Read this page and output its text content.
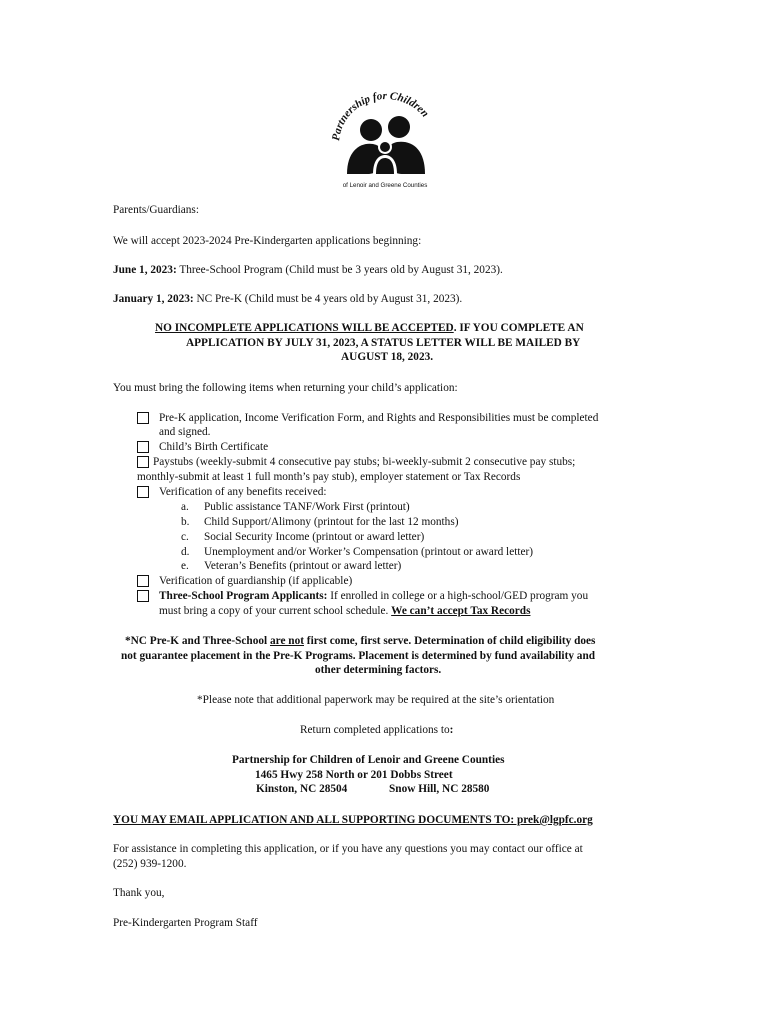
Partnership for Children
of Lenoir and Greene Counties
Parents/Guardians:
We will accept 2023-2024 Pre-Kindergarten applications beginning:
June 1, 2023: Three-School Program (Child must be 3 years old by August 31, 2023).
January 1, 2023: NC Pre-K (Child must be 4 years old by August 31, 2023).
NO INCOMPLETE APPLICATIONS WILL BE ACCEPTED. IF YOU COMPLETE AN
APPLICATION BY JULY 31, 2023, A STATUS LETTER WILL BE MAILED BY
AUGUST 18, 2023.
You must bring the following items when returning your child’s application:
Pre-K application, Income Verification Form, and Rights and Responsibilities must be completed
and signed.
Child’s Birth Certificate
Paystubs (weekly-submit 4 consecutive pay stubs; bi-weekly-submit 2 consecutive pay stubs;
monthly-submit at least 1 full month’s pay stub), employer statement or Tax Records
Verification of any benefits received:
a. Public assistance TANF/Work First (printout)
b. Child Support/Alimony (printout for the last 12 months)
c. Social Security Income (printout or award letter)
d. Unemployment and/or Worker’s Compensation (printout or award letter)
e. Veteran’s Benefits (printout or award letter)
Verification of guardianship (if applicable)
Three-School Program Applicants: If enrolled in college or a high-school/GED program you
must bring a copy of your current school schedule. We can’t accept Tax Records
*NC Pre-K and Three-School are not first come, first serve. Determination of child eligibility does
not guarantee placement in the Pre-K Programs. Placement is determined by fund availability and
other determining factors.
*Please note that additional paperwork may be required at the site’s orientation
Return completed applications to:
Partnership for Children of Lenoir and Greene Counties
1465 Hwy 258 North or 201 Dobbs Street
Kinston, NC 28504	Snow Hill, NC 28580
YOU MAY EMAIL APPLICATION AND ALL SUPPORTING DOCUMENTS TO: prek@lgpfc.org
For assistance in completing this application, or if you have any questions you may contact our office at
(252) 939-1200.
Thank you,
Pre-Kindergarten Program Staff
